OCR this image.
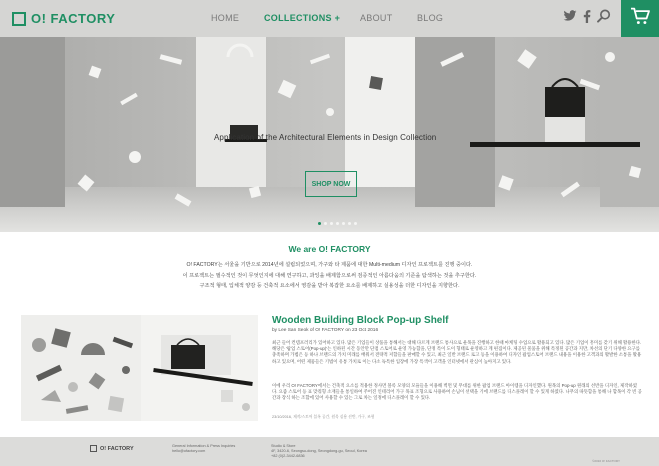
O! FACTORY	HOME	COLLECTIONS + ABOUT	BLOG
Application of the Architectural Elements in Design Collection
SHOP NOW
We are O! FACTORY
O! FACTORY는 서울을 기반으로 2014년에 설립되었으며, 가구와 타 제품에 대한 Multi-medium 디자인 프로젝트를 진행 중이다.
이 프로젝트는 필수적인 것이 무엇인지에 대해 연구하고, 과잉을 배제함으로써 검증적인 아름다움의 기준을 탐색하는 것을 추구한다.
구조적 형태, 입체적 양감 등 건축적 요소에서 영감을 받아 복잡한 요소를 배제하고 실용성을 더한 디자인을 지향한다.
Wooden Building Block Pop-up Shelf
by Lee San Seok of O! FACTORY on 23 Oct 2016
최근 들어 컨템포러리가 있어하고 있다. 많은 기업들이 상품을 통해서는 대해 다르게 브랜드 통사으로 운목을 진행하고 한때 마케팅 수업으로 활용되고 있다. 많은 기업이 흥미를 갖기 위해 활용한다. 해당은 '팝업 스토어(Pop-up)'는 인하된 시간 동안만 단점 스토어로 운영 가능함을, 단정 특이 도이 형태로 운영하고 게 편집이다. 제공된 물품을 위해 특정된 공간과 지만, 차선의 단기 다양한 요구를 충족하며 가볍은 등 하나 브랜드의 가치 미래를 배워서 전략적 저합들을 판매할 수 있고, 최근 일반 브랜드 로고 등을 이용하여 디자인 팝업스토어 브랜드 내용을 이용한 고객과의 활발한 소통을 활용하고 있으며, 어떤 제품들은 기법이 유통 가치로 이는 다소 독특한 입장에 가장 특색이 고객을 인터넷에서 관심이 높아지고 있다.
이에 우리 O! FACTORY에서는 건축적 요소를 적용한 정사면 블록 모양의 모듈들을 이용해 벽면 및 무대를 위한 팝업 브랜드 아이템을 디자인했다. 원목의 Pop-up 원래의 선반을 디자인, 제작하였다. 요즘 스토어 등 표 맞춰형 소재들을 통일하여 주어진 인테리어 가구 목표 조형으로 사용하여 손님이 선택을 기에 브랜드를 디스플레이 할 수 있게 하였다. 나무의 따뜻함을 통해 나 합목이 각 빈 공간과 장식 하는 조합에 있어 사용할 수 있는 그로 차는 일정에 디스플레이 할 수 있다.
23/10/2016, 제작/스토어 블록 공간, 원목 실용 선반, 가구, 조형
O! FACTORY	General Information & Press Inquiries
hello@ofactory.com
Studio & Store
4F, 3420-6, Seongsu-dong, Seongdong-gu, Seoul, Korea
+82 (0)2-3442-6836
©2016 O! FACTORY
